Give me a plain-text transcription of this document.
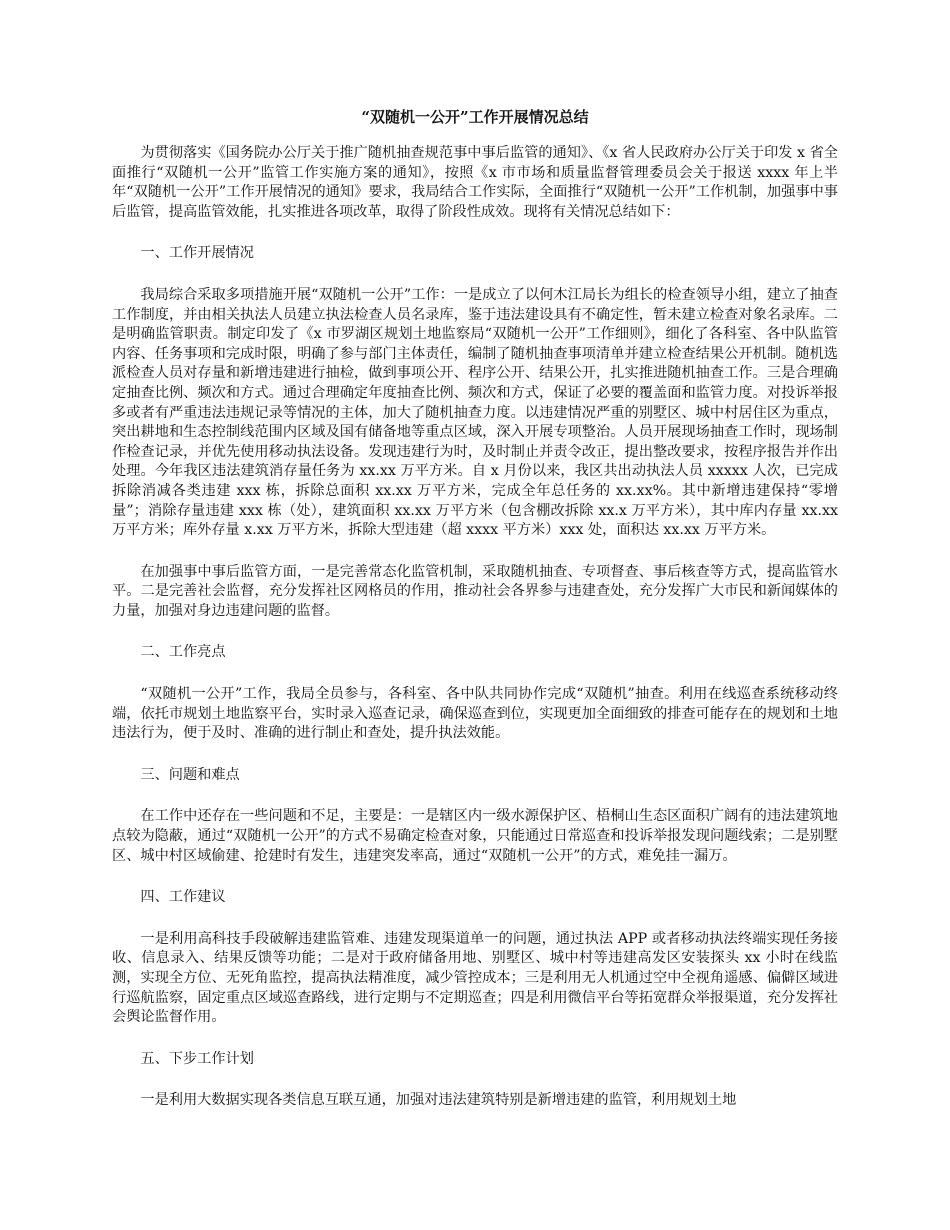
“双随机一公开”工作开展情况总结

为贯彻落实《国务院办公厅关于推广随机抽查规范事中事后监管的通知》、《x 省人民政府办公厅关于印发 x 省全面推行“双随机一公开”监管工作实施方案的通知》，按照《x 市市场和质量监督管理委员会关于报送 xxxx 年上半年“双随机一公开”工作开展情况的通知》要求，我局结合工作实际，全面推行“双随机一公开”工作机制，加强事中事后监管，提高监管效能，扎实推进各项改革，取得了阶段性成效。现将有关情况总结如下：

一、工作开展情况

我局综合采取多项措施开展“双随机一公开”工作：一是成立了以何木江局长为组长的检查领导小组，建立了抽查工作制度，并由相关执法人员建立执法检查人员名录库，鉴于违法建设具有不确定性，暂未建立检查对象名录库。二是明确监管职责。制定印发了《x 市罗湖区规划土地监察局“双随机一公开”工作细则》，细化了各科室、各中队监管内容、任务事项和完成时限，明确了参与部门主体责任，编制了随机抽查事项清单并建立检查结果公开机制。随机选派检查人员对存量和新增违建进行抽检，做到事项公开、程序公开、结果公开，扎实推进随机抽查工作。三是合理确定抽查比例、频次和方式。通过合理确定年度抽查比例、频次和方式，保证了必要的覆盖面和监管力度。对投诉举报多或者有严重违法违规记录等情况的主体，加大了随机抽查力度。以违建情况严重的别墅区、城中村居住区为重点，突出耕地和生态控制线范围内区域及国有储备地等重点区域，深入开展专项整治。人员开展现场抽查工作时，现场制作检查记录，并优先使用移动执法设备。发现违建行为时，及时制止并责令改正，提出整改要求，按程序报告并作出处理。今年我区违法建筑消存量任务为 xx.xx 万平方米。自 x 月份以来，我区共出动执法人员 xxxxx 人次，已完成拆除消减各类违建 xxx 栋，拆除总面积 xx.xx 万平方米，完成全年总任务的 xx.xx%。其中新增违建保持“零增量”；消除存量违建 xxx 栋（处），建筑面积 xx.xx 万平方米（包含棚改拆除 xx.x 万平方米），其中库内存量 xx.xx 万平方米；库外存量 x.xx 万平方米，拆除大型违建（超 xxxx 平方米）xxx 处，面积达 xx.xx 万平方米。

在加强事中事后监管方面，一是完善常态化监管机制，采取随机抽查、专项督查、事后核查等方式，提高监管水平。二是完善社会监督，充分发挥社区网格员的作用，推动社会各界参与违建查处，充分发挥广大市民和新闻媒体的力量，加强对身边违建问题的监督。

二、工作亮点

“双随机一公开”工作，我局全员参与，各科室、各中队共同协作完成“双随机”抽查。利用在线巡查系统移动终端，依托市规划土地监察平台，实时录入巡查记录，确保巡查到位，实现更加全面细致的排查可能存在的规划和土地违法行为，便于及时、准确的进行制止和查处，提升执法效能。

三、问题和难点

在工作中还存在一些问题和不足，主要是：一是辖区内一级水源保护区、梧桐山生态区面积广阔有的违法建筑地点较为隐蔽，通过“双随机一公开”的方式不易确定检查对象，只能通过日常巡查和投诉举报发现问题线索；二是别墅区、城中村区域偷建、抢建时有发生，违建突发率高，通过“双随机一公开”的方式，难免挂一漏万。

四、工作建议

一是利用高科技手段破解违建监管难、违建发现渠道单一的问题，通过执法 APP 或者移动执法终端实现任务接收、信息录入、结果反馈等功能；二是对于政府储备用地、别墅区、城中村等违建高发区安装探头 xx 小时在线监测，实现全方位、无死角监控，提高执法精准度，减少管控成本；三是利用无人机通过空中全视角遥感、偏僻区域进行巡航监察，固定重点区域巡查路线，进行定期与不定期巡查；四是利用微信平台等拓宽群众举报渠道，充分发挥社会舆论监督作用。

五、下步工作计划

一是利用大数据实现各类信息互联互通，加强对违法建筑特别是新增违建的监管，利用规划土地
